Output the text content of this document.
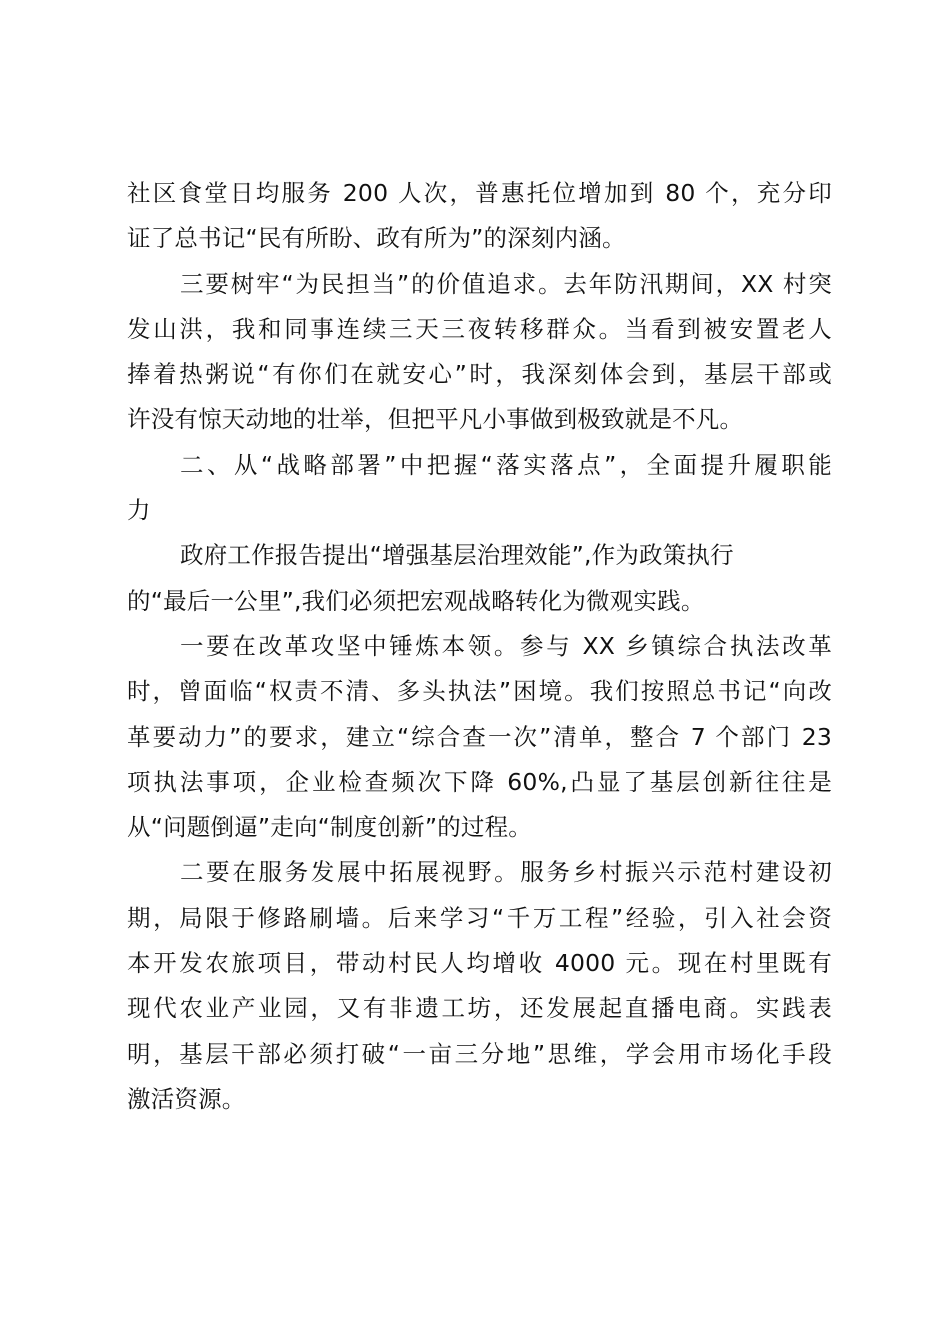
社区食堂日均服务 200 人次，普惠托位增加到 80 个，充分印
证了总书记“民有所盼、政有所为”的深刻内涵。
三要树牢“为民担当”的价值追求。去年防汛期间，XX 村突
发山洪，我和同事连续三天三夜转移群众。当看到被安置老人
捧着热粥说“有你们在就安心”时，我深刻体会到，基层干部或
许没有惊天动地的壮举，但把平凡小事做到极致就是不凡。
二、从“战略部署”中把握“落实落点”，全面提升履职能
力
政府工作报告提出“增强基层治理效能”,作为政策执行
的“最后一公里”,我们必须把宏观战略转化为微观实践。
一要在改革攻坚中锤炼本领。参与 XX 乡镇综合执法改革
时，曾面临“权责不清、多头执法”困境。我们按照总书记“向改
革要动力”的要求，建立“综合查一次”清单，整合 7 个部门 23
项执法事项，企业检查频次下降 60%,凸显了基层创新往往是
从“问题倒逼”走向“制度创新”的过程。
二要在服务发展中拓展视野。服务乡村振兴示范村建设初
期，局限于修路刷墙。后来学习“千万工程”经验，引入社会资
本开发农旅项目，带动村民人均增收 4000 元。现在村里既有
现代农业产业园，又有非遗工坊，还发展起直播电商。实践表
明，基层干部必须打破“一亩三分地”思维，学会用市场化手段
激活资源。
